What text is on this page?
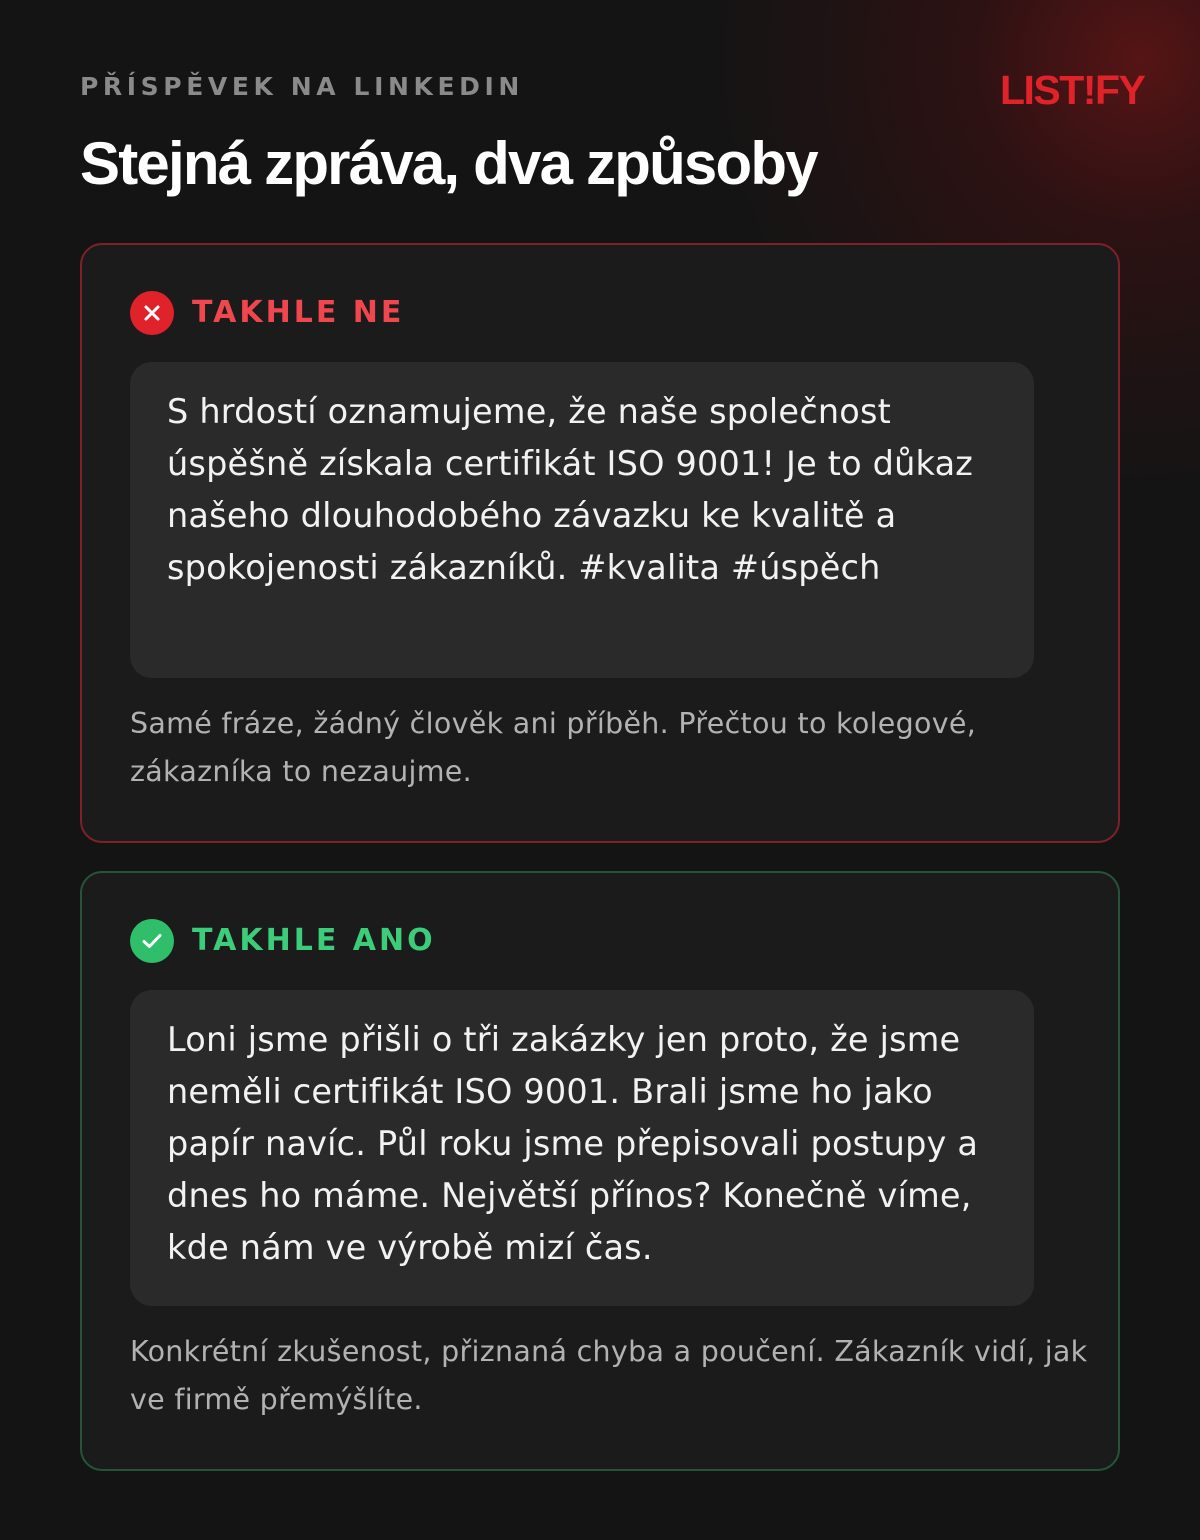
PŘÍSPĚVEK NA LINKEDIN	LIST!FY
Stejná zpráva, dva způsoby
TAKHLE NE
S hrdostí oznamujeme, že naše společnost úspěšně získala certifikát ISO 9001! Je to důkaz našeho dlouhodobého závazku ke kvalitě a spokojenosti zákazníků. #kvalita #úspěch

Samé fráze, žádný člověk ani příběh. Přečtou to kolegové, zákazníka to nezaujme.

TAKHLE ANO
Loni jsme přišli o tři zakázky jen proto, že jsme neměli certifikát ISO 9001. Brali jsme ho jako papír navíc. Půl roku jsme přepisovali postupy a dnes ho máme. Největší přínos? Konečně víme, kde nám ve výrobě mizí čas.

Konkrétní zkušenost, přiznaná chyba a poučení. Zákazník vidí, jak ve firmě přemýšlíte.
